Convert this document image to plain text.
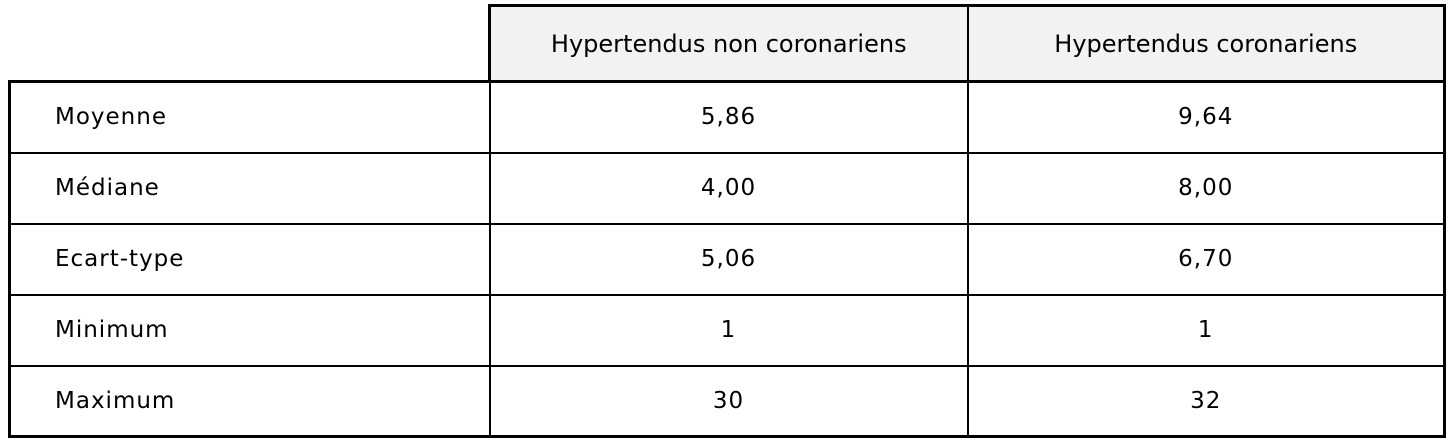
	Hypertendus non coronariens	Hypertendus coronariens
Moyenne	5,86	9,64
Médiane	4,00	8,00
Ecart-type	5,06	6,70
Minimum	1	1
Maximum	30	32
